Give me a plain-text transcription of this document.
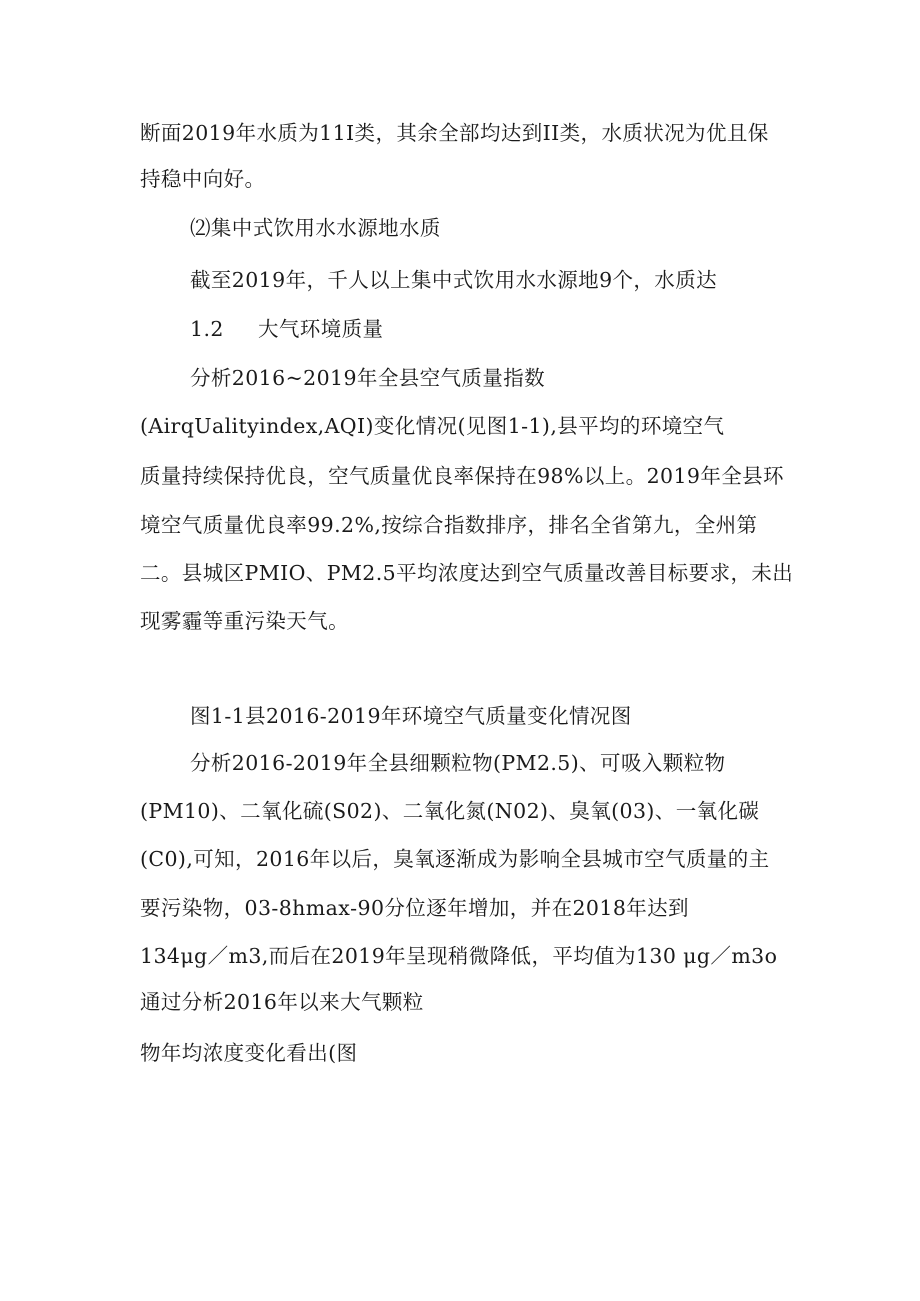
断面2019年水质为11I类，其余全部均达到II类，水质状况为优且保
持稳中向好。
⑵集中式饮用水水源地水质
截至2019年，千人以上集中式饮用水水源地9个，水质达
1.2 大气环境质量
分析2016~2019年全县空气质量指数
(AirqUalityindex,AQI)变化情况(见图1-1),县平均的环境空气
质量持续保持优良，空气质量优良率保持在98%以上。2019年全县环
境空气质量优良率99.2%,按综合指数排序，排名全省第九，全州第
二。县城区PMIO、PM2.5平均浓度达到空气质量改善目标要求，未出
现雾霾等重污染天气。
图1-1县2016-2019年环境空气质量变化情况图
分析2016-2019年全县细颗粒物(PM2.5)、可吸入颗粒物
(PM10)、二氧化硫(S02)、二氧化氮(N02)、臭氧(03)、一氧化碳
(C0),可知，2016年以后，臭氧逐渐成为影响全县城市空气质量的主
要污染物，03-8hmaх-90分位逐年增加，并在2018年达到
134μg／m3,而后在2019年呈现稍微降低，平均值为130 μg／m3o
通过分析2016年以来大气颗粒
物年均浓度变化看出(图
